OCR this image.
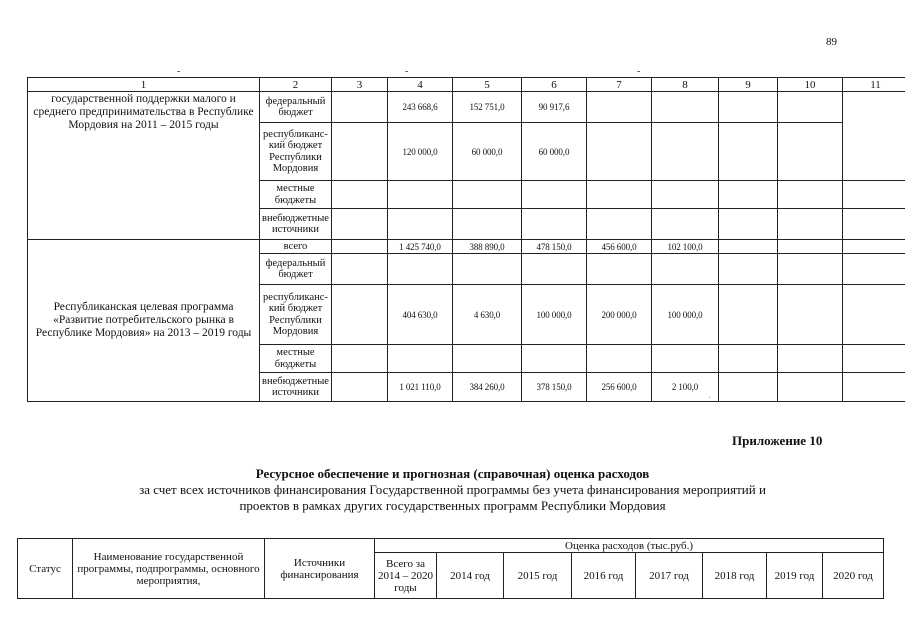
89
-	-	-
1	2	3	4	5	6	7	8	9	10	11
государственной поддержки малого и среднего предпринимательства в Республике Мордовия на 2011 – 2015 годы	федеральный бюджет		243 668,6	152 751,0	90 917,6					
	республиканс-кий бюджет Республики Мордовия		120 000,0	60 000,0	60 000,0					
	местные бюджеты									
	внебюджетные источники									
Республиканская целевая программа «Развитие потребительского рынка в Республике Мордовия» на 2013 – 2019 годы	всего		1 425 740,0	388 890,0	478 150,0	456 600,0	102 100,0			
	федеральный бюджет									
	республиканс-кий бюджет Республики Мордовия		404 630,0	4 630,0	100 000,0	200 000,0	100 000,0			
	местные бюджеты									
	внебюджетные источники		1 021 110,0	384 260,0	378 150,0	256 600,0	2 100,0			
·
Приложение 10
Ресурсное обеспечение и прогнозная (справочная) оценка расходов
за счет всех источников финансирования Государственной программы без учета финансирования мероприятий и
проектов в рамках других государственных программ Республики Мордовия
Статус	Наименование государственной программы, подпрограммы, основного мероприятия,	Источники финансирования	Оценка расходов (тыс.руб.)							
			Всего за 2014 – 2020 годы	2014 год	2015 год	2016 год	2017 год	2018 год	2019 год	2020 год
